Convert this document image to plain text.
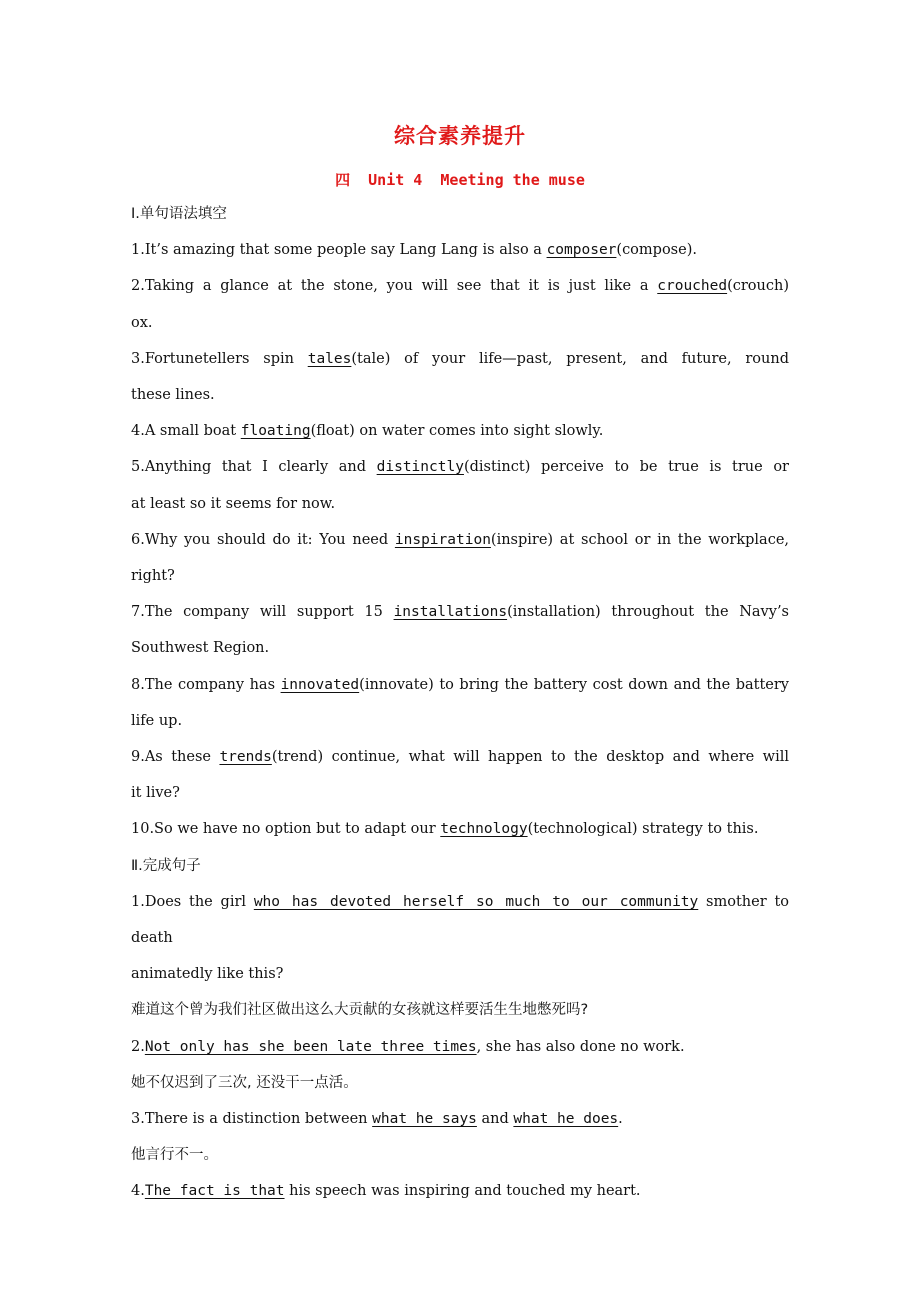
综合素养提升
四  Unit 4  Meeting the muse
Ⅰ.单句语法填空
1.It’s amazing that some people say Lang Lang is also a composer(compose).
2.Taking a glance at the stone, you will see that it is just like a crouched(crouch)
ox.
3.Fortunetellers spin tales(tale) of your life—past, present, and future, round
these lines.
4.A small boat floating(float) on water comes into sight slowly.
5.Anything that I clearly and distinctly(distinct) perceive to be true is true or
at least so it seems for now.
6.Why you should do it: You need inspiration(inspire) at school or in the workplace,
right?
7.The company will support 15 installations(installation) throughout the Navy’s
Southwest Region.
8.The company has innovated(innovate) to bring the battery cost down and the battery
life up.
9.As these trends(trend) continue, what will happen to the desktop and where will
it live?
10.So we have no option but to adapt our technology(technological) strategy to this.
Ⅱ.完成句子
1.Does the girl who has devoted herself so much to our community smother to death
animatedly like this?
难道这个曾为我们社区做出这么大贡献的女孩就这样要活生生地憋死吗?
2.Not only has she been late three times, she has also done no work.
她不仅迟到了三次, 还没干一点活。
3.There is a distinction between what he says and what he does.
他言行不一。
4.The fact is that his speech was inspiring and touched my heart.
